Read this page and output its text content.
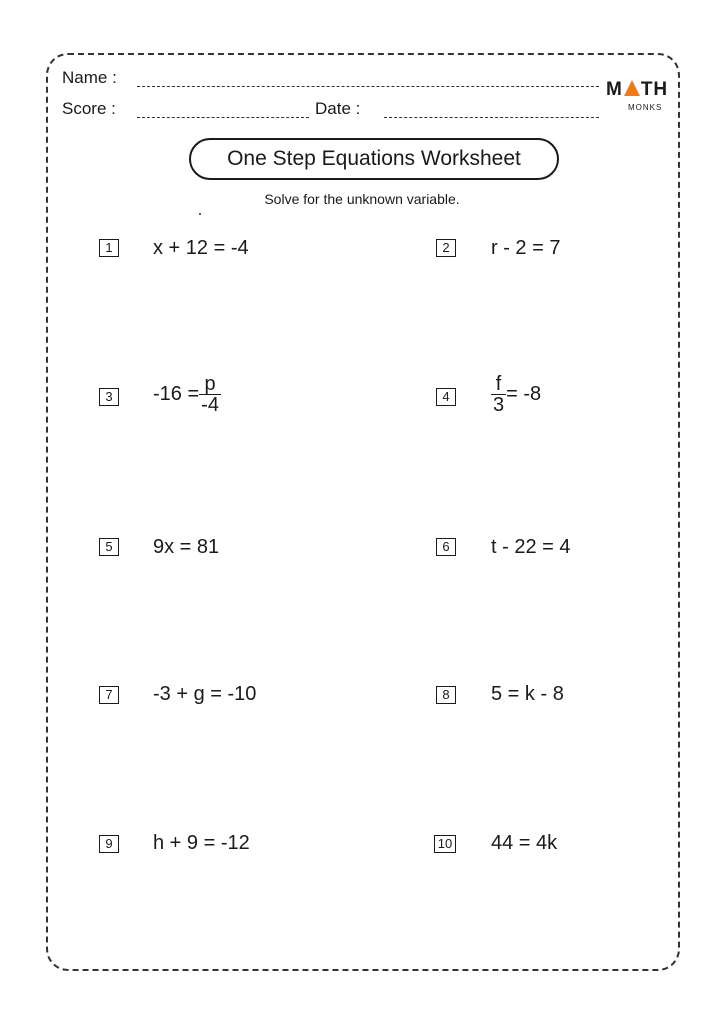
Name :
Score :	Date :
M TH
MONKS
One Step Equations Worksheet
Solve for the unknown variable.
1	x + 12 = -4	2	r - 2 = 7
3	$-16 = \frac{p}{-4}$	4	$\frac{f}{3} = -8$
5	9x = 81	6	t - 22 = 4
7	-3 + g = -10	8	5 = k - 8
9	h + 9 = -12	10 44 = 4k
